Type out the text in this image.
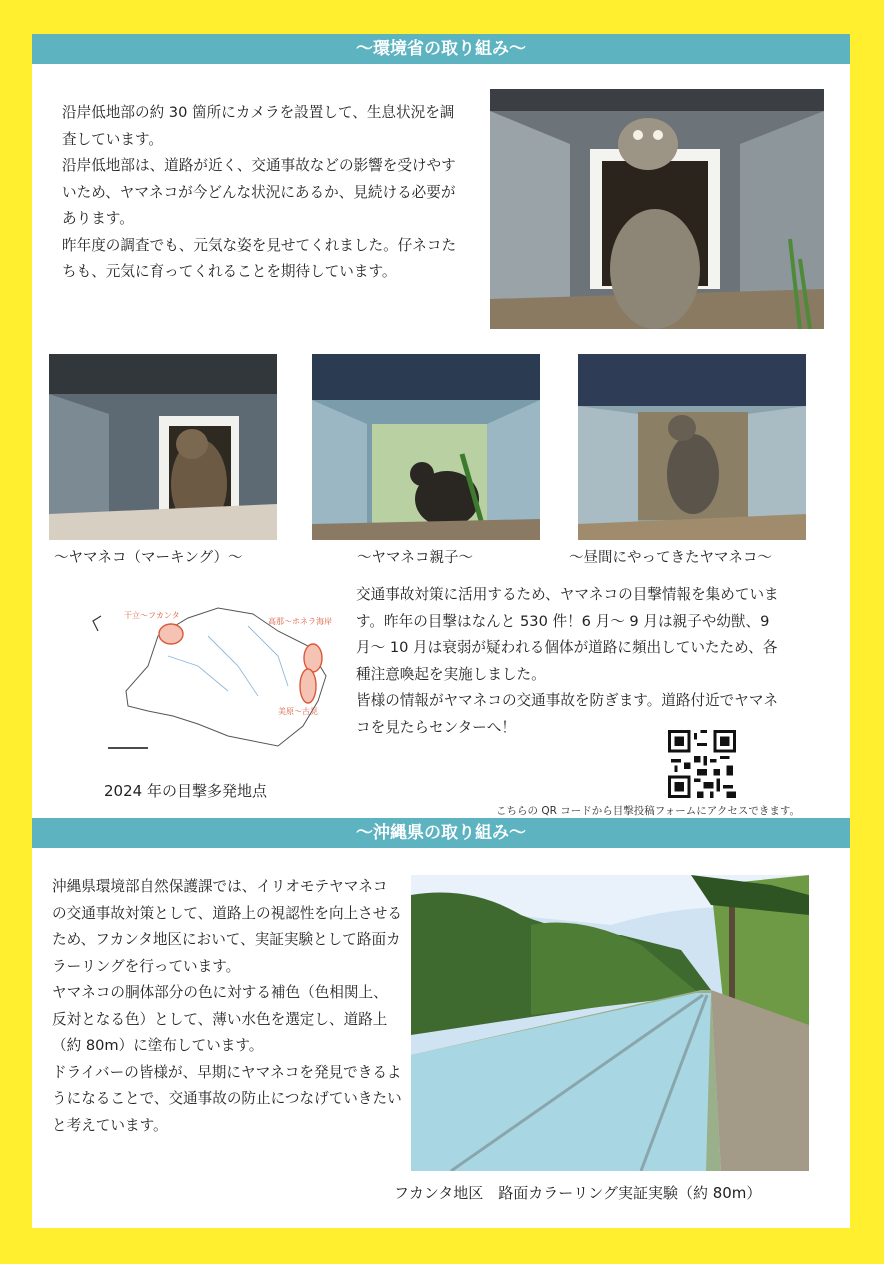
〜環境省の取り組み〜

沿岸低地部の約 30 箇所にカメラを設置して、生息状況を調査しています。

沿岸低地部は、道路が近く、交通事故などの影響を受けやすいため、ヤマネコが今どんな状況にあるか、見続ける必要があります。

昨年度の調査でも、元気な姿を見せてくれました。仔ネコたちも、元気に育ってくれることを期待しています。

〜ヤマネコ（マーキング）〜	〜ヤマネコ親子〜	〜昼間にやってきたヤマネコ〜
干立〜フカンタ
高那〜ホネラ海岸
美原〜古見
2024 年の目撃多発地点

交通事故対策に活用するため、ヤマネコの目撃情報を集めています。昨年の目撃はなんと 530 件！6 月〜 9 月は親子や幼獣、9 月〜 10 月は衰弱が疑われる個体が道路に頻出していたため、各種注意喚起を実施しました。

皆様の情報がヤマネコの交通事故を防ぎます。道路付近でヤマネコを見たらセンターへ！

こちらの QR コードから目撃投稿フォームにアクセスできます。
〜沖縄県の取り組み〜

沖縄県環境部自然保護課では、イリオモテヤマネコの交通事故対策として、道路上の視認性を向上させるため、フカンタ地区において、実証実験として路面カラーリングを行っています。

ヤマネコの胴体部分の色に対する補色（色相関上、反対となる色）として、薄い水色を選定し、道路上（約 80m）に塗布しています。

ドライバーの皆様が、早期にヤマネコを発見できるようになることで、交通事故の防止につなげていきたいと考えています。

フカンタ地区　路面カラーリング実証実験（約 80m）
